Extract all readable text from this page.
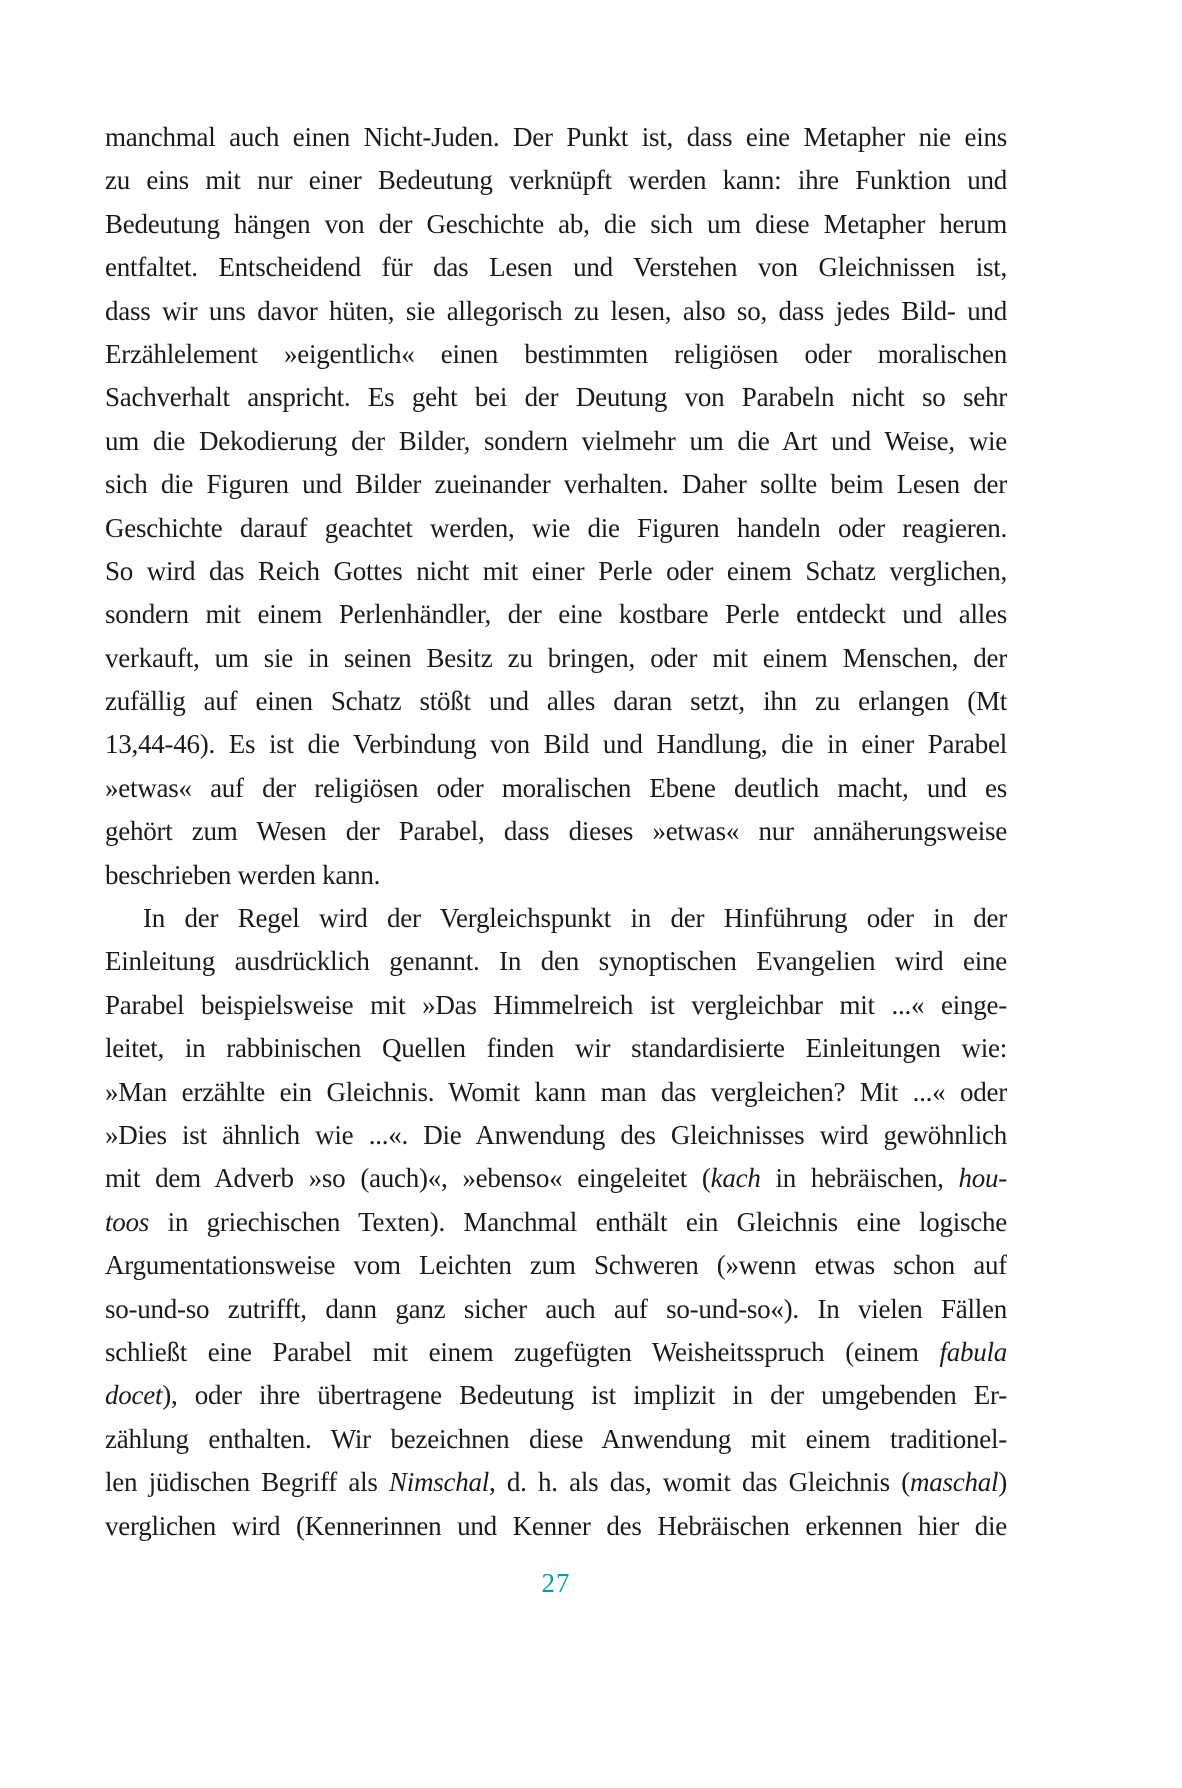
manchmal auch einen Nicht-Juden. Der Punkt ist, dass eine Metapher nie eins
zu eins mit nur einer Bedeutung verknüpft werden kann: ihre Funktion und
Bedeutung hängen von der Geschichte ab, die sich um diese Metapher herum
entfaltet. Entscheidend für das Lesen und Verstehen von Gleichnissen ist,
dass wir uns davor hüten, sie allegorisch zu lesen, also so, dass jedes Bild- und
Erzählelement »eigentlich« einen bestimmten religiösen oder moralischen
Sachverhalt anspricht. Es geht bei der Deutung von Parabeln nicht so sehr
um die Dekodierung der Bilder, sondern vielmehr um die Art und Weise, wie
sich die Figuren und Bilder zueinander verhalten. Daher sollte beim Lesen der
Geschichte darauf geachtet werden, wie die Figuren handeln oder reagieren.
So wird das Reich Gottes nicht mit einer Perle oder einem Schatz verglichen,
sondern mit einem Perlenhändler, der eine kostbare Perle entdeckt und alles
verkauft, um sie in seinen Besitz zu bringen, oder mit einem Menschen, der
zufällig auf einen Schatz stößt und alles daran setzt, ihn zu erlangen (Mt
13,44-46). Es ist die Verbindung von Bild und Handlung, die in einer Parabel
»etwas« auf der religiösen oder moralischen Ebene deutlich macht, und es
gehört zum Wesen der Parabel, dass dieses »etwas« nur annäherungsweise
beschrieben werden kann.
In der Regel wird der Vergleichspunkt in der Hinführung oder in der
Einleitung ausdrücklich genannt. In den synoptischen Evangelien wird eine
Parabel beispielsweise mit »Das Himmelreich ist vergleichbar mit ...« einge-
leitet, in rabbinischen Quellen finden wir standardisierte Einleitungen wie:
»Man erzählte ein Gleichnis. Womit kann man das vergleichen? Mit ...« oder
»Dies ist ähnlich wie ...«. Die Anwendung des Gleichnisses wird gewöhnlich
mit dem Adverb »so (auch)«, »ebenso« eingeleitet (kach in hebräischen, hou-
toos in griechischen Texten). Manchmal enthält ein Gleichnis eine logische
Argumentationsweise vom Leichten zum Schweren (»wenn etwas schon auf
so-und-so zutrifft, dann ganz sicher auch auf so-und-so«). In vielen Fällen
schließt eine Parabel mit einem zugefügten Weisheitsspruch (einem fabula
docet), oder ihre übertragene Bedeutung ist implizit in der umgebenden Er-
zählung enthalten. Wir bezeichnen diese Anwendung mit einem traditionel-
len jüdischen Begriff als Nimschal, d. h. als das, womit das Gleichnis (maschal)
verglichen wird (Kennerinnen und Kenner des Hebräischen erkennen hier die
27
